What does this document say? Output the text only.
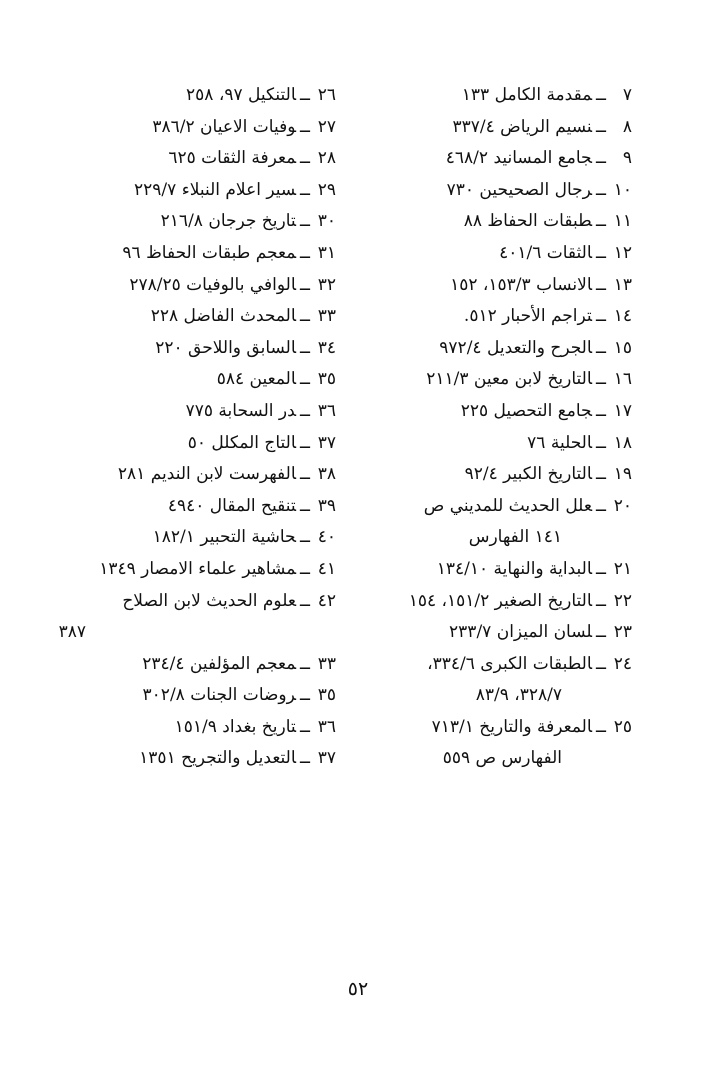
٧ــمقدمة الكامل ١٣٣
٨ــنسيم الرياض ٣٣٧/٤
٩ــجامع المسانيد ٤٦٨/٢
١٠ــرجال الصحيحين ٧٣٠
١١ــطبقات الحفاظ ٨٨
١٢ــالثقات ٤٠١/٦
١٣ــالانساب ١٥٣/٣، ١٥٢
١٤ــتراجم الأحبار ٥١٢.
١٥ــالجرح والتعديل ٩٧٢/٤
١٦ــالتاريخ لابن معين ٢١١/٣
١٧ــجامع التحصيل ٢٢٥
١٨ــالحلية ٧٦
١٩ــالتاريخ الكبير ٩٢/٤
٢٠ــعلل الحديث للمديني ص
١٤١ الفهارس
٢١ــالبداية والنهاية ١٣٤/١٠
٢٢ــالتاريخ الصغير ١٥١/٢، ١٥٤
٢٣ــلسان الميزان ٢٣٣/٧
٢٤ــالطبقات الكبرى ٣٣٤/٦،
٣٢٨/٧، ٨٣/٩
٢٥ــالمعرفة والتاريخ ٧١٣/١
الفهارس ص ٥٥٩
٢٦ــالتنكيل ٩٧، ٢٥٨
٢٧ــوفيات الاعيان ٣٨٦/٢
٢٨ــمعرفة الثقات ٦٢٥
٢٩ــسير اعلام النبلاء ٢٢٩/٧
٣٠ــتاريخ جرجان ٢١٦/٨
٣١ــمعجم طبقات الحفاظ ٩٦
٣٢ــالوافي بالوفيات ٢٧٨/٢٥
٣٣ــالمحدث الفاضل ٢٢٨
٣٤ــالسابق واللاحق ٢٢٠
٣٥ــالمعين ٥٨٤
٣٦ــدر السحابة ٧٧٥
٣٧ــالتاج المكلل ٥٠
٣٨ــالفهرست لابن النديم ٢٨١
٣٩ــتنقيح المقال ٤٩٤٠
٤٠ــحاشية التحبير ١٨٢/١
٤١ــمشاهير علماء الامصار ١٣٤٩
٤٢ــعلوم الحديث لابن الصلاح
٣٨٧
٣٣ــمعجم المؤلفين ٢٣٤/٤
٣٥ــروضات الجنات ٣٠٢/٨
٣٦ــتاريخ بغداد ١٥١/٩
٣٧ــالتعديل والتجريح ١٣٥١
٥٢
